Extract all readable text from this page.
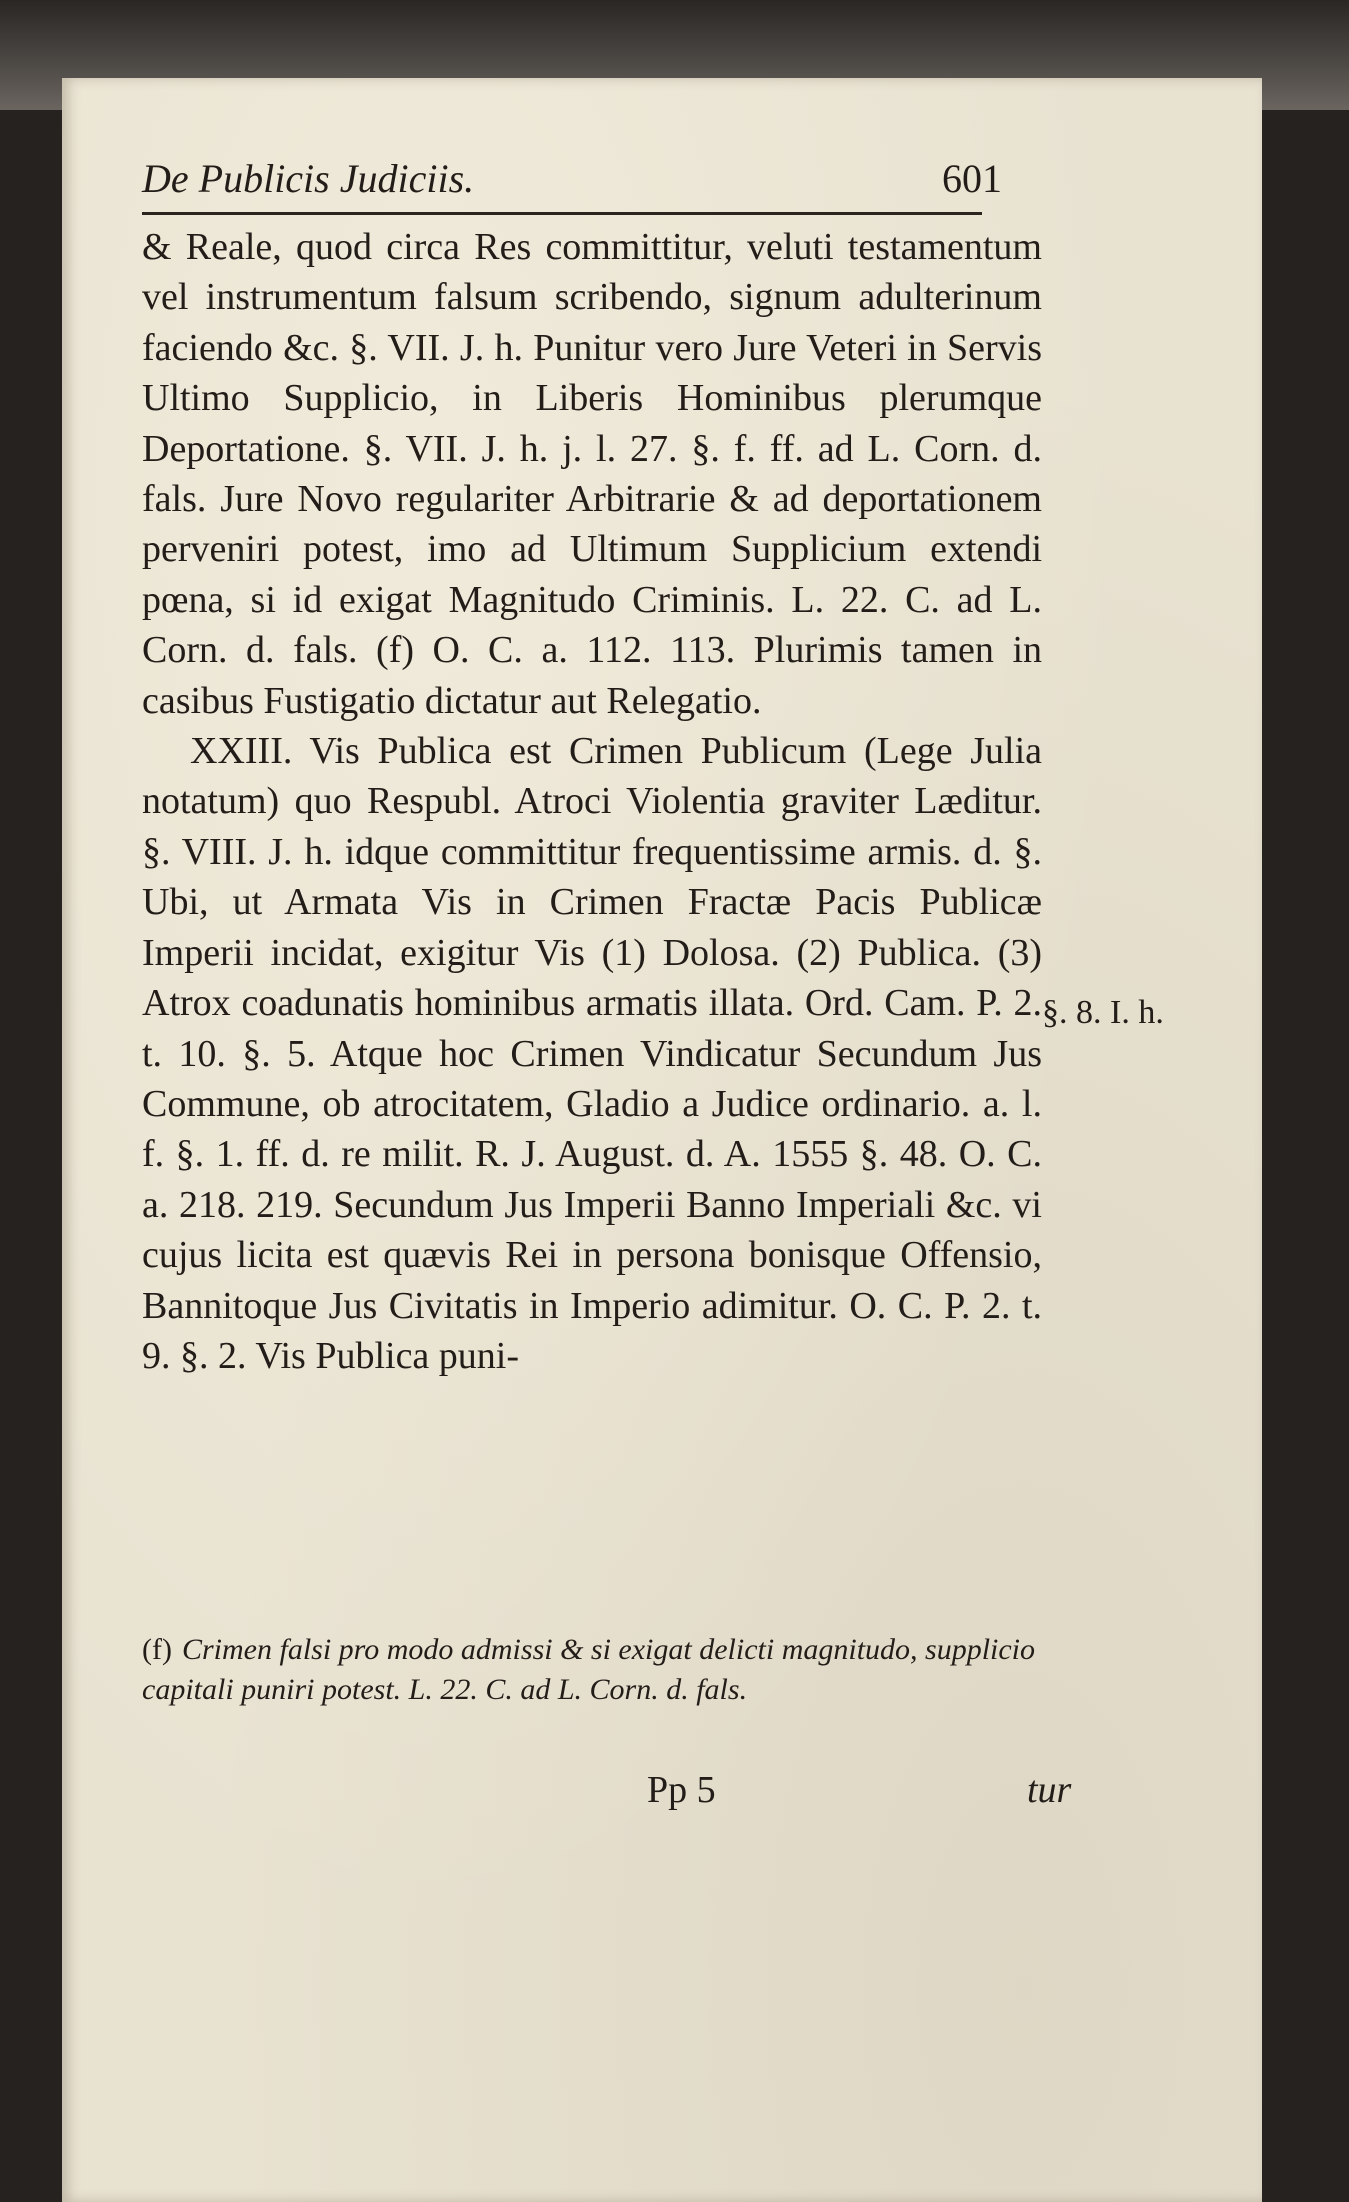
De Publicis Judiciis.	601

& Reale, quod circa Res committitur, veluti testamentum vel instrumentum falsum scribendo, signum adulterinum faciendo &c. §. VII. J. h. Punitur vero Jure Veteri in Servis Ultimo Supplicio, in Liberis Hominibus plerumque Deportatione. §. VII. J. h. j. l. 27. §. f. ff. ad L. Corn. d. fals. Jure Novo regulariter Arbitrarie & ad deportationem perveniri potest, imo ad Ultimum Supplicium extendi pœna, si id exigat Magnitudo Criminis. L. 22. C. ad L. Corn. d. fals. (f) O. C. a. 112. 113. Plurimis tamen in casibus Fustigatio dictatur aut Relegatio.

XXIII. Vis Publica est Crimen Publicum (Lege Julia notatum) quo Respubl. Atroci Violentia graviter Læditur. §. VIII. J. h. idque committitur frequentissime armis. d. §. Ubi, ut Armata Vis in Crimen Fractæ Pacis Publicæ Imperii incidat, exigitur Vis (1) Dolosa. (2) Publica. (3) Atrox coadunatis hominibus armatis illata. Ord. Cam. P. 2. t. 10. §. 5. Atque hoc Crimen Vindicatur Secundum Jus Commune, ob atrocitatem, Gladio a Judice ordinario. a. l. f. §. 1. ff. d. re milit. R. J. August. d. A. 1555 §. 48. O. C. a. 218. 219. Secundum Jus Imperii Banno Imperiali &c. vi cujus licita est quævis Rei in persona bonisque Offensio, Bannitoque Jus Civitatis in Imperio adimitur. O. C. P. 2. t. 9. §. 2. Vis Publica puni-

§. 8. I. h.
(f) Crimen falsi pro modo admissi & si exigat delicti magnitudo, supplicio capitali puniri potest. L. 22. C. ad L. Corn. d. fals.
Pp 5	tur
